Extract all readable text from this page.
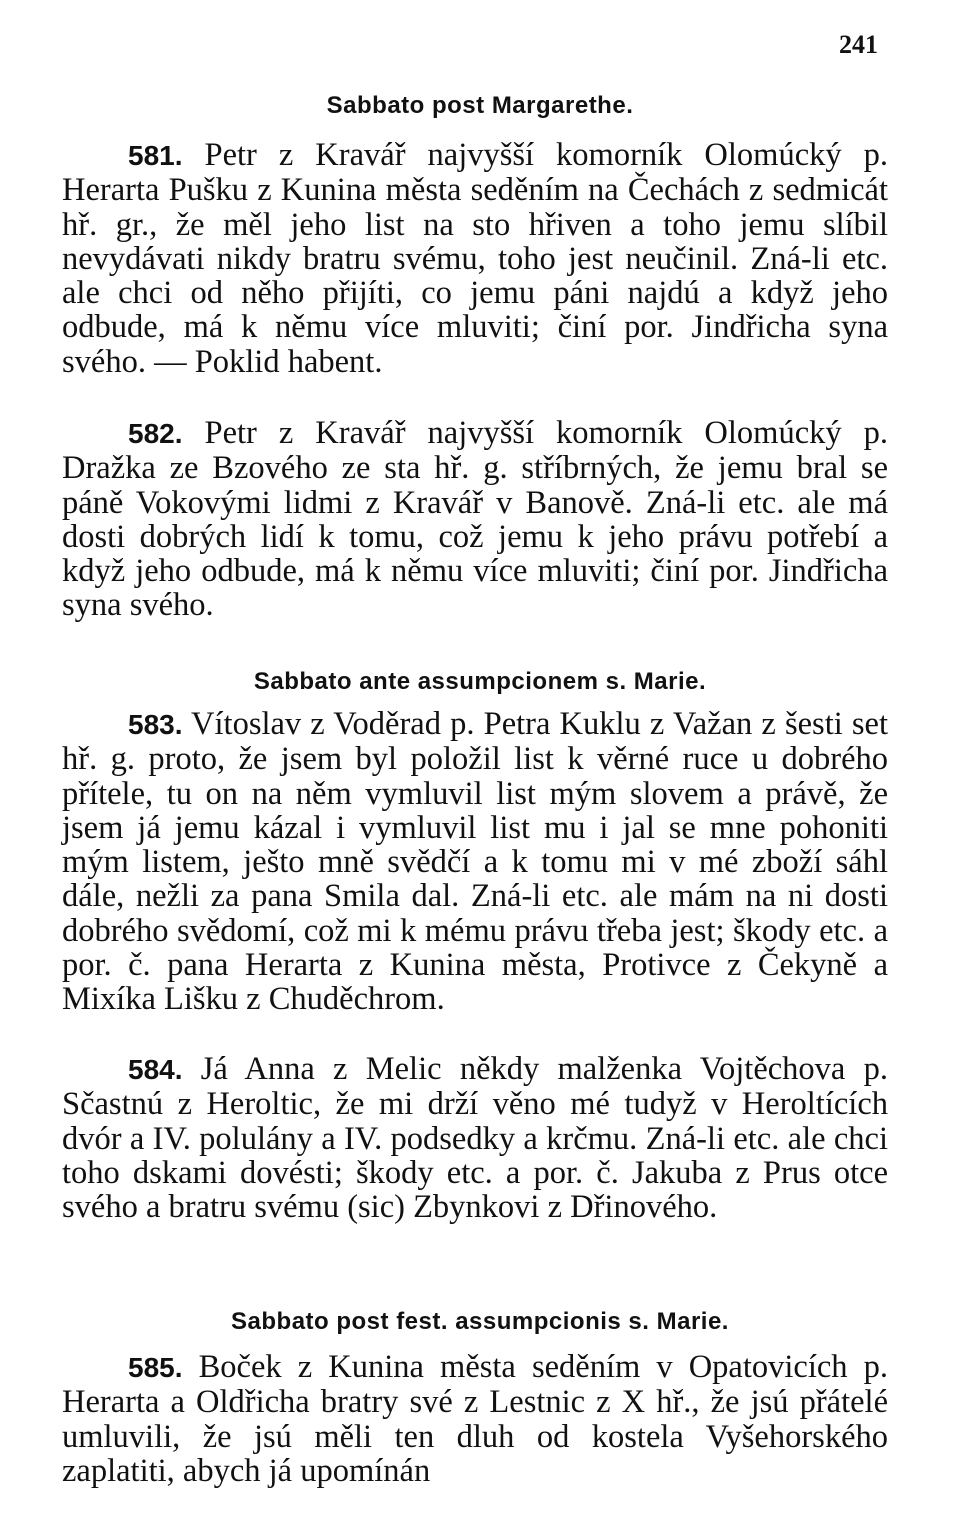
241
Sabbato post Margarethe.

581. Petr z Kravář najvyšší komorník Olomúcký p. Herarta Pušku z Kunina města seděním na Čechách z sedmicát hř. gr., že měl jeho list na sto hřiven a toho jemu slíbil nevydávati nikdy bratru svému, toho jest neučinil. Zná-li etc. ale chci od něho přijíti, co jemu páni najdú a když jeho odbude, má k němu více mluviti; činí por. Jindřicha syna svého. — Poklid habent.

582. Petr z Kravář najvyšší komorník Olomúcký p. Dražka ze Bzového ze sta hř. g. stříbrných, že jemu bral se páně Vokovými lidmi z Kravář v Banově. Zná-li etc. ale má dosti dobrých lidí k tomu, což jemu k jeho právu potřebí a když jeho odbude, má k němu více mluviti; činí por. Jindřicha syna svého.

Sabbato ante assumpcionem s. Marie.

583. Vítoslav z Voděrad p. Petra Kuklu z Važan z šesti set hř. g. proto, že jsem byl položil list k věrné ruce u dobrého přítele, tu on na něm vymluvil list mým slovem a právě, že jsem já jemu kázal i vymluvil list mu i jal se mne pohoniti mým listem, ješto mně svědčí a k tomu mi v mé zboží sáhl dále, nežli za pana Smila dal. Zná-li etc. ale mám na ni dosti dobrého svědomí, což mi k mému právu třeba jest; škody etc. a por. č. pana Herarta z Kunina města, Protivce z Čekyně a Mixíka Lišku z Chuděchrom.

584. Já Anna z Melic někdy malženka Vojtěchova p. Sčastnú z Heroltic, že mi drží věno mé tudyž v Heroltících dvór a IV. polulány a IV. podsedky a krčmu. Zná-li etc. ale chci toho dskami dovésti; škody etc. a por. č. Jakuba z Prus otce svého a bratru svému (sic) Zbynkovi z Dřinového.

Sabbato post fest. assumpcionis s. Marie.

585. Boček z Kunina města seděním v Opatovicích p. Herarta a Oldřicha bratry své z Lestnic z X hř., že jsú přátelé umluvili, že jsú měli ten dluh od kostela Vyšehorského zaplatiti, abych já upomínán
